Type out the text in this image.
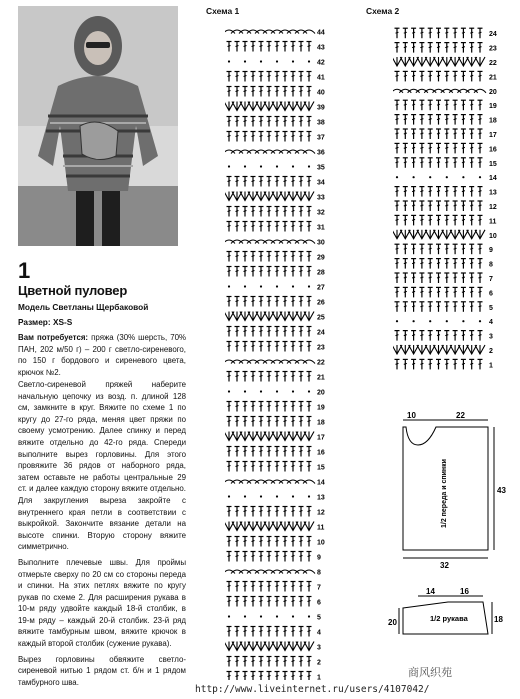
1
Цветной пуловер
Модель Светланы Щербаковой
Размер: XS-S

Вам потребуется: пряжа (30% шерсть, 70% ПАН, 202 м/50 г) – 200 г светло-сиреневого, по 150 г бордового и сиреневого цвета, крючок №2.

Светло-сиреневой пряжей наберите начальную цепочку из возд. п. длиной 128 см, замкните в круг. Вяжите по схеме 1 по кругу до 27-го ряда, меняя цвет пряжи по своему усмотрению. Далее спинку и перед вяжите отдельно до 42-го ряда. Спереди выполните вырез горловины. Для этого провяжите 36 рядов от наборного ряда, затем оставьте не работы центральные 29 ст. и далее каждую сторону вяжите отдельно. Для закругления выреза закройте с внутреннего края петли в соответствии с выкройкой. Закончите вязание детали на высоте спинки. Вторую сторону вяжите симметрично.

Выполните плечевые швы. Для проймы отмерьте сверху по 20 см со стороны переда и спинки. На этих петлях вяжите по кругу рукав по схеме 2. Для расширения рукава в 10-м ряду удвойте каждый 18-й столбик, в 19-м ряду – каждый 20-й столбик. 23-й ряд вяжите тамбурным швом, вяжите крючок в каждый второй столбик (сужение рукава).

Вырез горловины обвяжите светло-сиреневой нитью 1 рядом ст. б/н и 1 рядом тамбурного шва.

Схема 1
44
43
42
41
40
39
38
37
36
35
34
33
32
31
30
29
28
27
26
25
24
23
22
21
20
19
18
17
16
15
14
13
12
11
10
9
8
7
6
5
4
3
2
1
Схема 2
24
23
22
21
20
19
18
17
16
15
14
13
12
11
10
9
8
7
6
5
4
3
2
1
10	22
43
32
1/2 переда и спинки
14	16
20	18
1/2 рукава
商风织苑
http://www.liveinternet.ru/users/4107042/
